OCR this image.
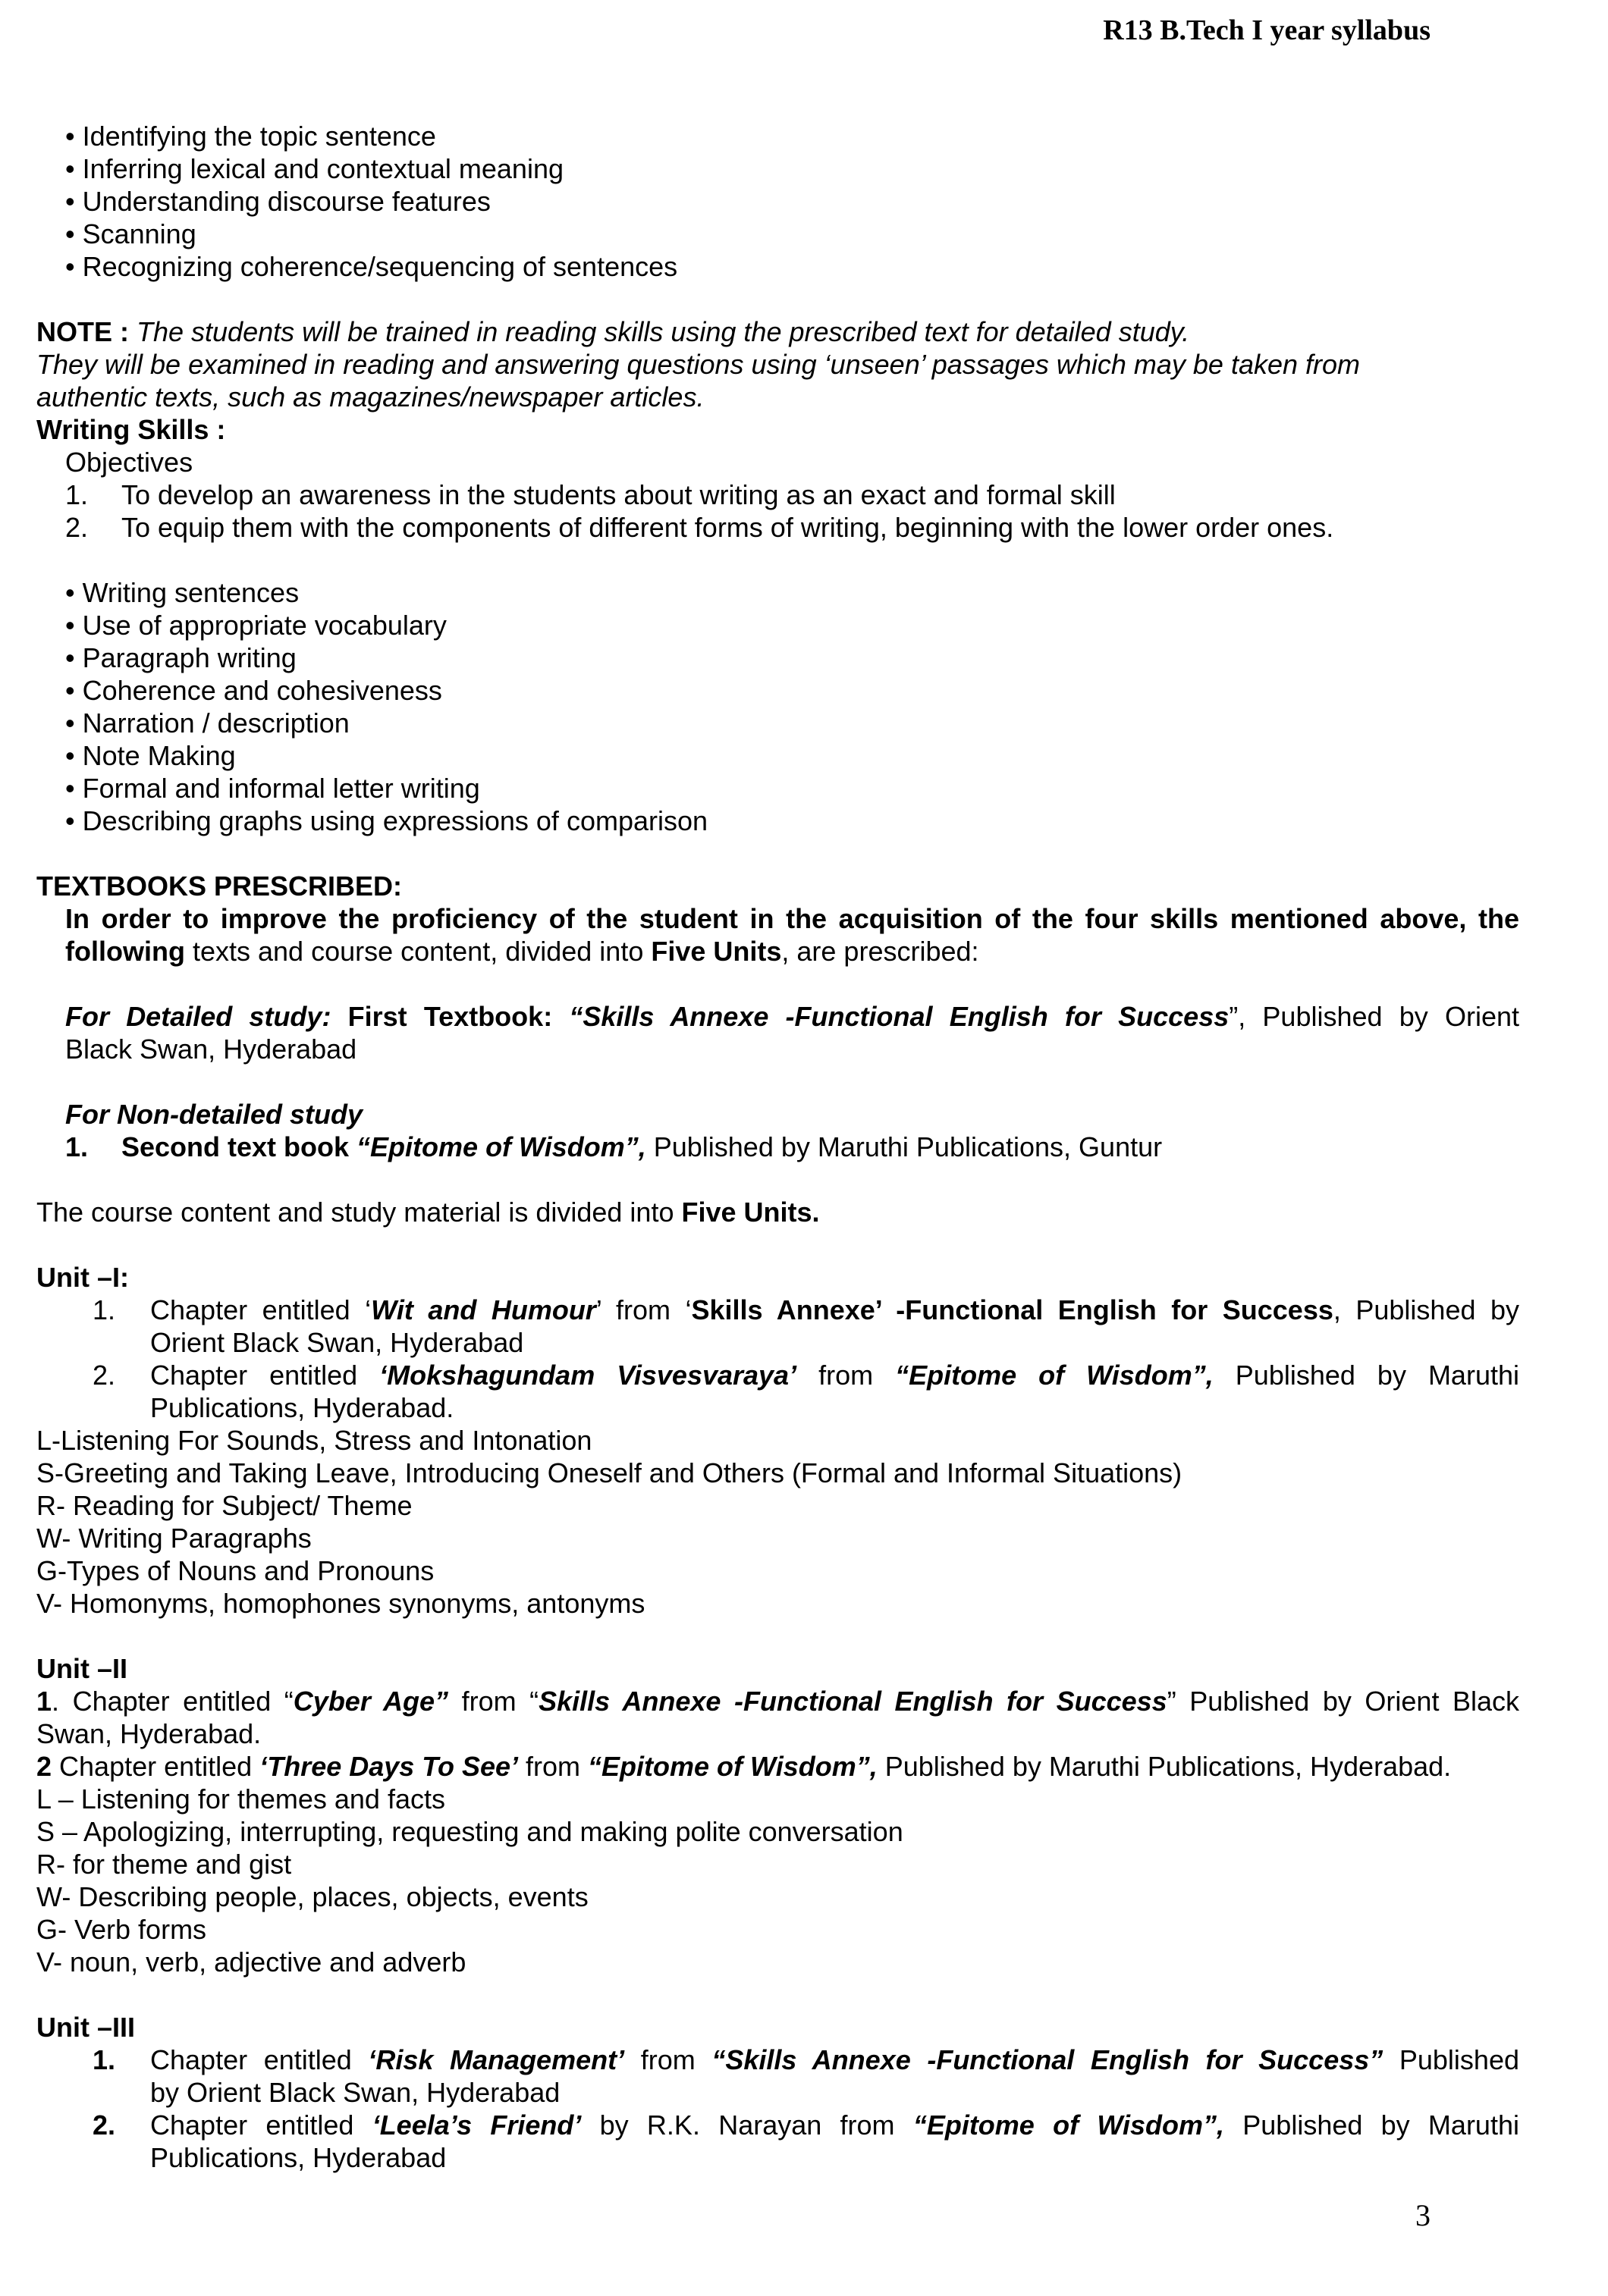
R13 B.Tech I year syllabus
• Identifying the topic sentence
• Inferring lexical and contextual meaning
• Understanding discourse features
• Scanning
• Recognizing coherence/sequencing of sentences
NOTE : The students will be trained in reading skills using the prescribed text for detailed study.
They will be examined in reading and answering questions using ‘unseen’ passages which may be taken from
authentic texts, such as magazines/newspaper articles.
Writing Skills :
Objectives
1.	To develop an awareness in the students about writing as an exact and formal skill
2.	To equip them with the components of different forms of writing, beginning with the lower order ones.
• Writing sentences
• Use of appropriate vocabulary
• Paragraph writing
• Coherence and cohesiveness
• Narration / description
• Note Making
• Formal and informal letter writing
• Describing graphs using expressions of comparison
TEXTBOOKS PRESCRIBED:
In order to improve the proficiency of the student in the acquisition of the four skills mentioned above, the
following texts and course content, divided into Five Units, are prescribed:
For Detailed study: First Textbook: “Skills Annexe -Functional English for Success”, Published by Orient
Black Swan, Hyderabad
For Non-detailed study
1.	Second text book “Epitome of Wisdom”, Published by Maruthi Publications, Guntur
The course content and study material is divided into Five Units.
Unit –I:
1.	Chapter entitled ‘Wit and Humour’ from ‘Skills Annexe’ -Functional English for Success, Published by
Orient Black Swan, Hyderabad
2.	Chapter entitled ‘Mokshagundam Visvesvaraya’ from “Epitome of Wisdom”, Published by Maruthi
Publications, Hyderabad.
L-Listening For Sounds, Stress and Intonation
S-Greeting and Taking Leave, Introducing Oneself and Others (Formal and Informal Situations)
R- Reading for Subject/ Theme
W- Writing Paragraphs
G-Types of Nouns and Pronouns
V- Homonyms, homophones synonyms, antonyms
Unit –II
1. Chapter entitled “Cyber Age” from “Skills Annexe -Functional English for Success” Published by Orient Black
Swan, Hyderabad.
2 Chapter entitled ‘Three Days To See’ from “Epitome of Wisdom”, Published by Maruthi Publications, Hyderabad.
L – Listening for themes and facts
S – Apologizing, interrupting, requesting and making polite conversation
R- for theme and gist
W- Describing people, places, objects, events
G- Verb forms
V- noun, verb, adjective and adverb
Unit –III
1.	Chapter entitled ‘Risk Management’ from “Skills Annexe -Functional English for Success” Published
by Orient Black Swan, Hyderabad
2.	Chapter entitled ‘Leela’s Friend’ by R.K. Narayan from “Epitome of Wisdom”, Published by Maruthi
Publications, Hyderabad
3
